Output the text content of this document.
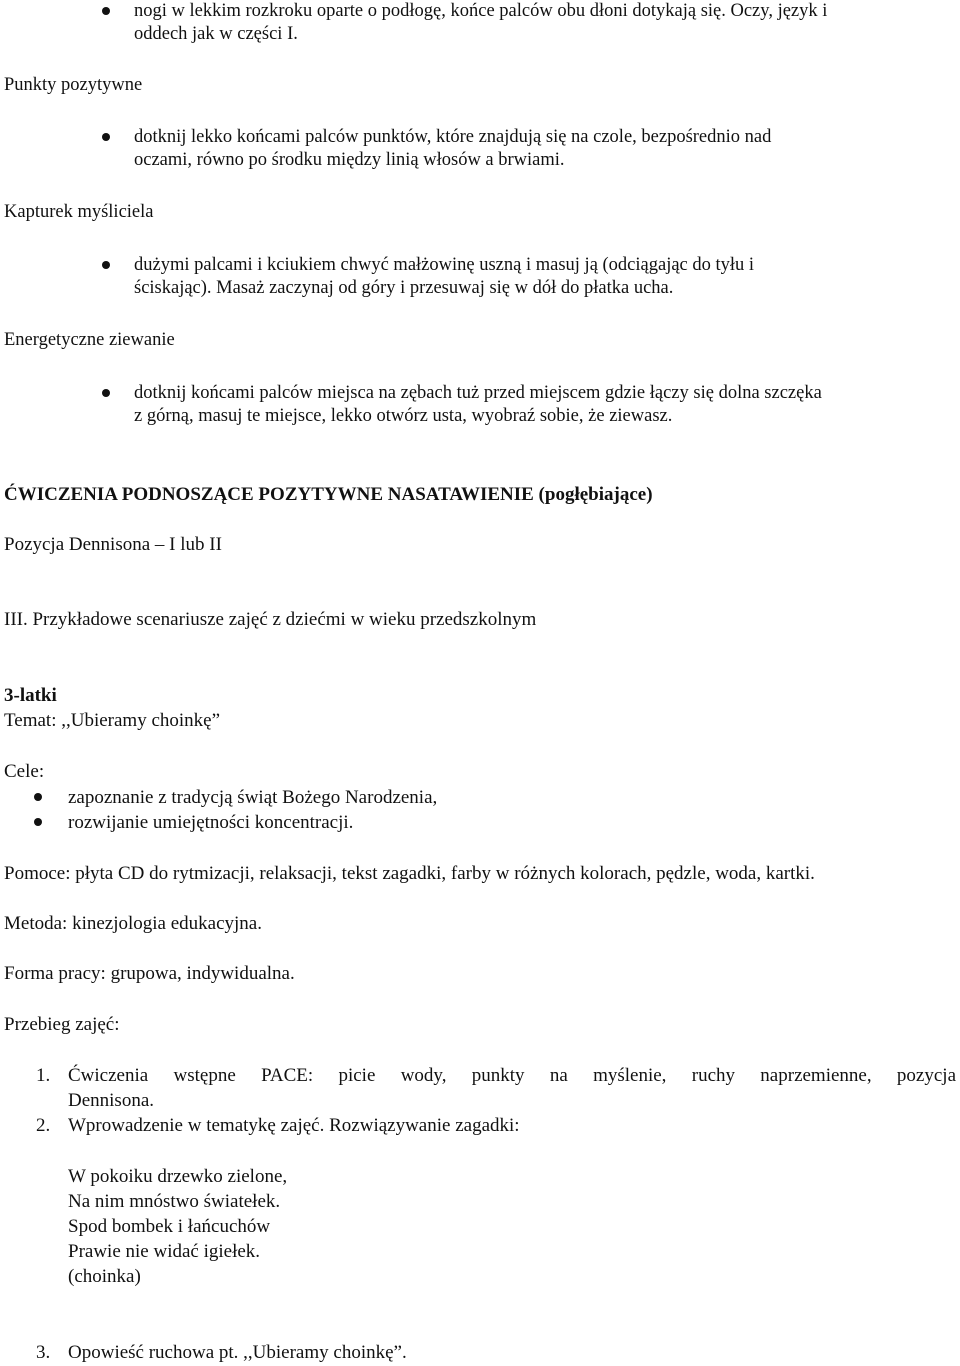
nogi w lekkim rozkroku oparte o podłogę, końce palców obu dłoni dotykają się. Oczy, język i
oddech jak w części I.
Punkty pozytywne
dotknij lekko końcami palców punktów, które znajdują się na czole, bezpośrednio nad
oczami, równo po środku między linią włosów a brwiami.
Kapturek myśliciela
dużymi palcami i kciukiem chwyć małżowinę uszną i masuj ją (odciągając do tyłu i
ściskając). Masaż zaczynaj od góry i przesuwaj się w dół do płatka ucha.
Energetyczne ziewanie
dotknij końcami palców miejsca na zębach tuż przed miejscem gdzie łączy się dolna szczęka
z górną, masuj te miejsce, lekko otwórz usta, wyobraź sobie, że ziewasz.
ĆWICZENIA PODNOSZĄCE POZYTYWNE NASATAWIENIE (pogłębiające)
Pozycja Dennisona – I lub II
III. Przykładowe scenariusze zajęć z dziećmi w wieku przedszkolnym
3-latki
Temat: ,,Ubieramy choinkę”
Cele:
zapoznanie z tradycją świąt Bożego Narodzenia,
rozwijanie umiejętności koncentracji.
Pomoce: płyta CD do rytmizacji, relaksacji, tekst zagadki, farby w różnych kolorach, pędzle, woda, kartki.
Metoda: kinezjologia edukacyjna.
Forma pracy: grupowa, indywidualna.
Przebieg zajęć:
1. Ćwiczenia wstępne PACE: picie wody, punkty na myślenie, ruchy naprzemienne, pozycja
Dennisona.
2. Wprowadzenie w tematykę zajęć. Rozwiązywanie zagadki:
W pokoiku drzewko zielone,
Na nim mnóstwo światełek.
Spod bombek i łańcuchów
Prawie nie widać igiełek.
(choinka)
3. Opowieść ruchowa pt. ,,Ubieramy choinkę”.
